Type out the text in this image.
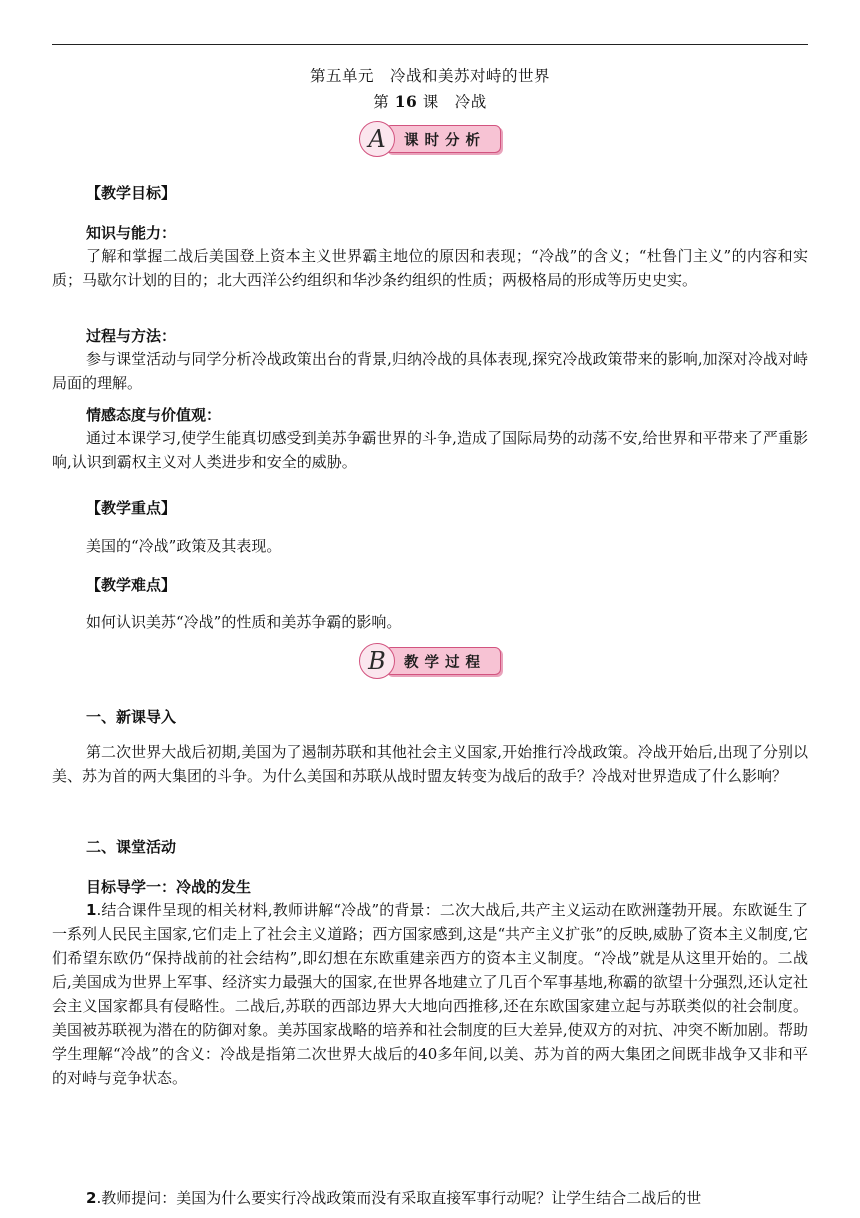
第五单元　冷战和美苏对峙的世界
第 16 课　冷战
A	课时分析
【教学目标】
知识与能力：

了解和掌握二战后美国登上资本主义世界霸主地位的原因和表现；“冷战”的含义；“杜鲁门主义”的内容和实质；马歇尔计划的目的；北大西洋公约组织和华沙条约组织的性质；两极格局的形成等历史史实。

过程与方法：

参与课堂活动与同学分析冷战政策出台的背景,归纳冷战的具体表现,探究冷战政策带来的影响,加深对冷战对峙局面的理解。

情感态度与价值观：

通过本课学习,使学生能真切感受到美苏争霸世界的斗争,造成了国际局势的动荡不安,给世界和平带来了严重影响,认识到霸权主义对人类进步和安全的威胁。

【教学重点】

美国的“冷战”政策及其表现。

【教学难点】

如何认识美苏“冷战”的性质和美苏争霸的影响。

B	教学过程
一、新课导入

第二次世界大战后初期,美国为了遏制苏联和其他社会主义国家,开始推行冷战政策。冷战开始后,出现了分别以美、苏为首的两大集团的斗争。为什么美国和苏联从战时盟友转变为战后的敌手？冷战对世界造成了什么影响？

二、课堂活动
目标导学一：冷战的发生

1.结合课件呈现的相关材料,教师讲解“冷战”的背景：二次大战后,共产主义运动在欧洲蓬勃开展。东欧诞生了一系列人民民主国家,它们走上了社会主义道路；西方国家感到,这是“共产主义扩张”的反映,威胁了资本主义制度,它们希望东欧仍“保持战前的社会结构”,即幻想在东欧重建亲西方的资本主义制度。“冷战”就是从这里开始的。二战后,美国成为世界上军事、经济实力最强大的国家,在世界各地建立了几百个军事基地,称霸的欲望十分强烈,还认定社会主义国家都具有侵略性。二战后,苏联的西部边界大大地向西推移,还在东欧国家建立起与苏联类似的社会制度。美国被苏联视为潜在的防御对象。美苏国家战略的培养和社会制度的巨大差异,使双方的对抗、冲突不断加剧。帮助学生理解“冷战”的含义：冷战是指第二次世界大战后的40多年间,以美、苏为首的两大集团之间既非战争又非和平的对峙与竞争状态。

2.教师提问：美国为什么要实行冷战政策而没有采取直接军事行动呢？让学生结合二战后的世
